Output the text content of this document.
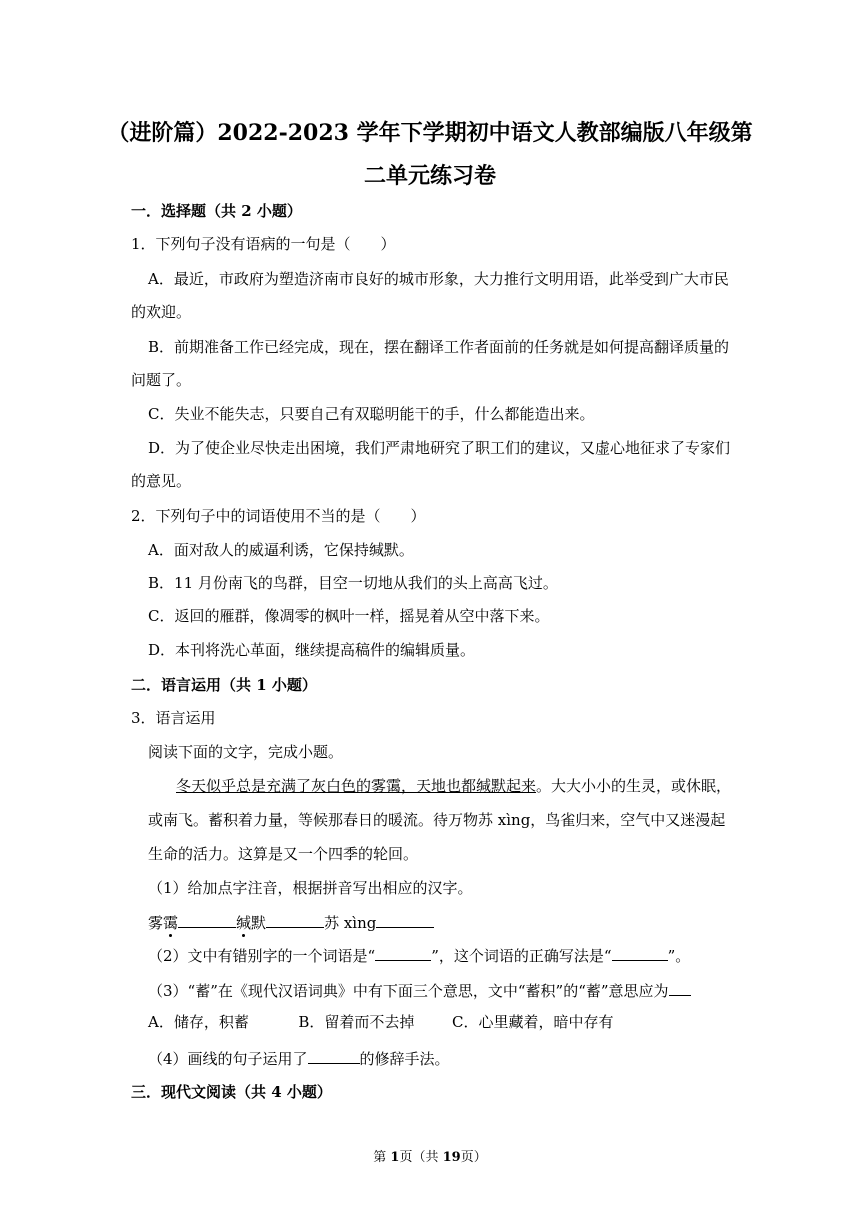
（进阶篇）2022-2023 学年下学期初中语文人教部编版八年级第
二单元练习卷
一．选择题（共 2 小题）
1．下列句子没有语病的一句是（　　）
A．最近，市政府为塑造济南市良好的城市形象，大力推行文明用语，此举受到广大市民
的欢迎。
B．前期准备工作已经完成，现在，摆在翻译工作者面前的任务就是如何提高翻译质量的
问题了。
C．失业不能失志，只要自己有双聪明能干的手，什么都能造出来。
D．为了使企业尽快走出困境，我们严肃地研究了职工们的建议，又虚心地征求了专家们
的意见。
2．下列句子中的词语使用不当的是（　　）
A．面对敌人的威逼利诱，它保持缄默。
B．11 月份南飞的鸟群，目空一切地从我们的头上高高飞过。
C．返回的雁群，像凋零的枫叶一样，摇晃着从空中落下来。
D．本刊将洗心革面，继续提高稿件的编辑质量。
二．语言运用（共 1 小题）
3．语言运用
阅读下面的文字，完成小题。
冬天似乎总是充满了灰白色的雾霭，天地也都缄默起来。大大小小的生灵，或休眠，
或南飞。蓄积着力量，等候那春日的暖流。待万物苏 xìng，鸟雀归来，空气中又迷漫起
生命的活力。这算是又一个四季的轮回。
（1）给加点字注音，根据拼音写出相应的汉字。
雾霭	缄默	苏 xìng
（2）文中有错别字的一个词语是“	”，这个词语的正确写法是“	”。
（3）“蓄”在《现代汉语词典》中有下面三个意思，文中“蓄积”的“蓄”意思应为
A．储存，积蓄	B．留着而不去掉	C．心里藏着，暗中存有
（4）画线的句子运用了	的修辞手法。
三．现代文阅读（共 4 小题）
第 1页（共 19页）
